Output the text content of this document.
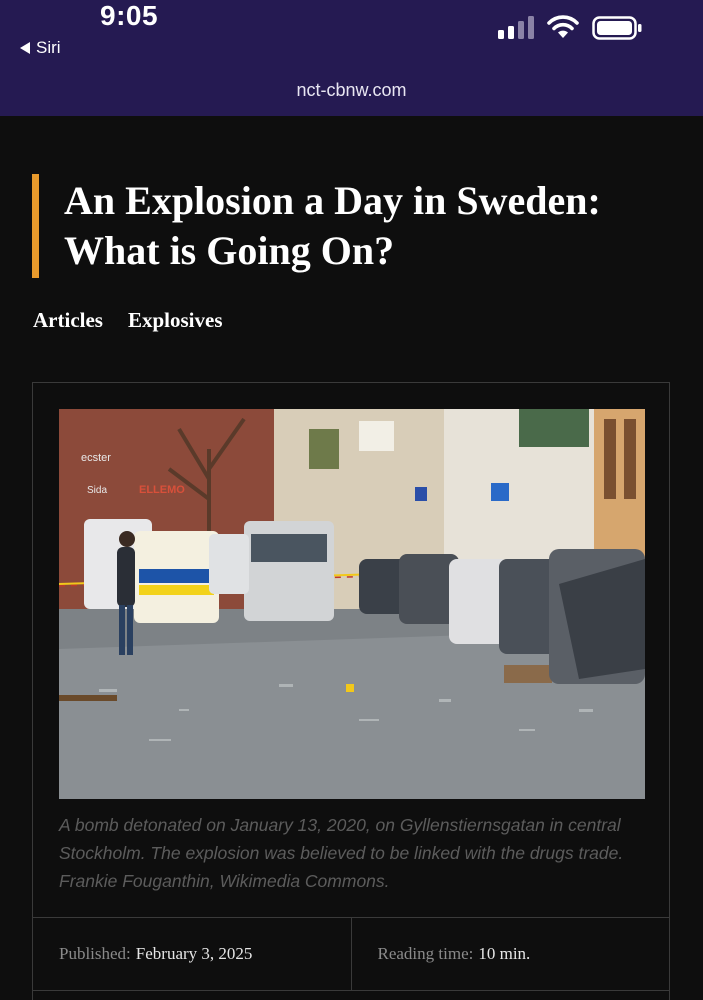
9:05
Siri
nct-cbnw.com
An Explosion a Day in Sweden: What is Going On?
Articles Explosives
ecster
Sida	ELLEMO

A bomb detonated on January 13, 2020, on Gyllenstiernsgatan in central Stockholm. The explosion was believed to be linked with the drugs trade. Frankie Fouganthin, Wikimedia Commons.

Published: February 3, 2025	Reading time: 10 min.
